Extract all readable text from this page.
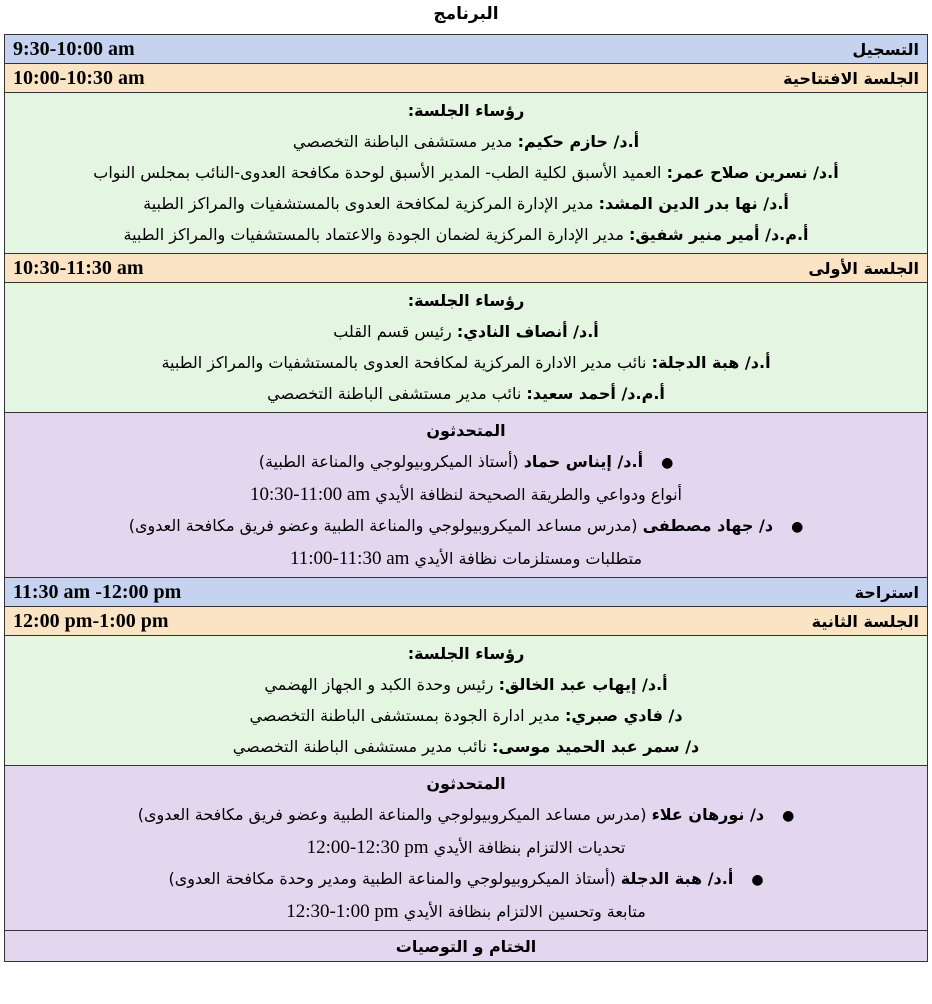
البرنامج
9:30-10:00 am	التسجيل

10:00-10:30 am	الجلسة الافتتاحية

رؤساء الجلسة:
أ.د/ حازم حكيم: مدير مستشفى الباطنة التخصصي
أ.د/ نسرين صلاح عمر: العميد الأسبق لكلية الطب- المدير الأسبق لوحدة مكافحة العدوى-النائب بمجلس النواب
أ.د/ نها بدر الدين المشد: مدير الإدارة المركزية لمكافحة العدوى بالمستشفيات والمراكز الطبية
أ.م.د/ أمير منير شفيق: مدير الإدارة المركزية لضمان الجودة والاعتماد بالمستشفيات والمراكز الطبية

10:30-11:30 am	الجلسة الأولى

رؤساء الجلسة:
أ.د/ أنصاف النادي: رئيس قسم القلب
أ.د/ هبة الدجلة: نائب مدير الادارة المركزية لمكافحة العدوى بالمستشفيات والمراكز الطبية
أ.م.د/ أحمد سعيد: نائب مدير مستشفى الباطنة التخصصي

المتحدثون
●أ.د/ إيناس حماد (أستاذ الميكروبيولوجي والمناعة الطبية)
أنواع ودواعي والطريقة الصحيحة لنظافة الأيدي 10:30-11:00 am
●د/ جهاد مصطفى (مدرس مساعد الميكروبيولوجي والمناعة الطبية وعضو فريق مكافحة العدوى)
متطلبات ومستلزمات نظافة الأيدي 11:00-11:30 am

11:30 am -12:00 pm	استراحة

12:00 pm-1:00 pm	الجلسة الثانية

رؤساء الجلسة:
أ.د/ إيهاب عبد الخالق: رئيس وحدة الكبد و الجهاز الهضمي
د/ فادي صبري: مدير ادارة الجودة بمستشفى الباطنة التخصصي
د/ سمر عبد الحميد موسى: نائب مدير مستشفى الباطنة التخصصي

المتحدثون
●د/ نورهان علاء (مدرس مساعد الميكروبيولوجي والمناعة الطبية وعضو فريق مكافحة العدوى)
تحديات الالتزام بنظافة الأيدي 12:00-12:30 pm
●أ.د/ هبة الدجلة (أستاذ الميكروبيولوجي والمناعة الطبية ومدير وحدة مكافحة العدوى)
متابعة وتحسين الالتزام بنظافة الأيدي 12:30-1:00 pm

الختام و التوصيات
